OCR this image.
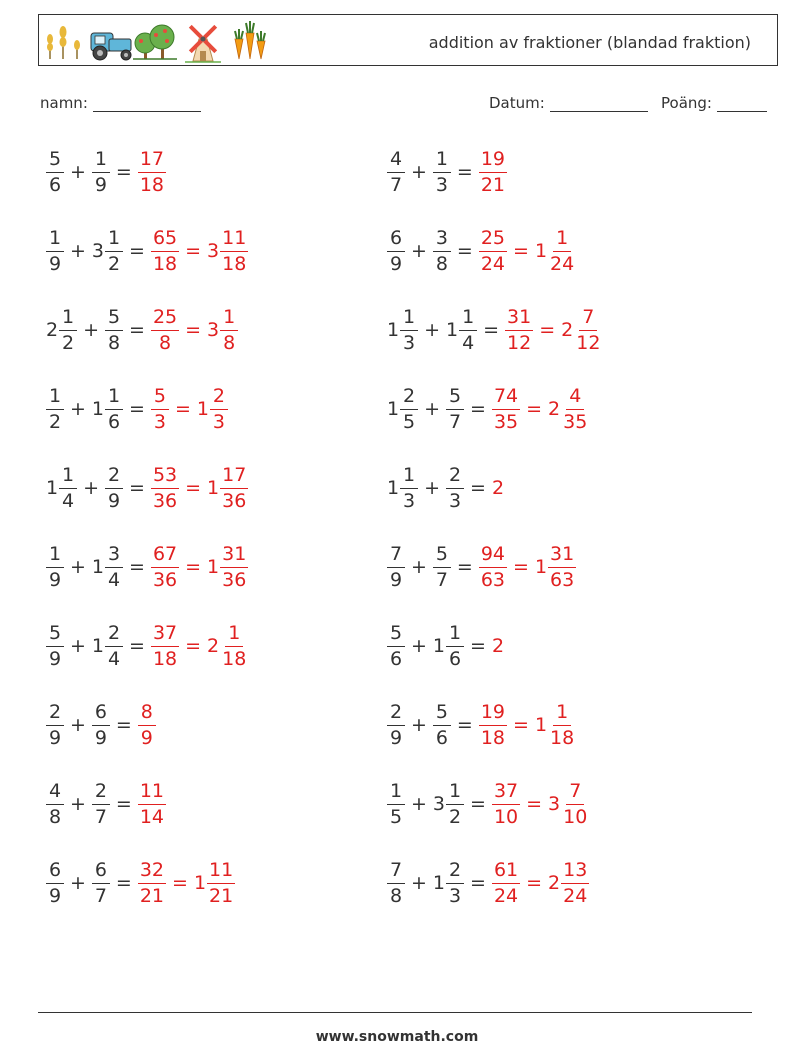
addition av fraktioner (blandad fraktion)
namn:	Datum:	Poäng:
$\frac{5}{6} + \frac{1}{9} = \frac{17}{18}$	$\frac{4}{7} + \frac{1}{3} = \frac{19}{21}$
$\frac{1}{9} + 3 \frac{1}{2} = \frac{65}{18} = 3 \frac{11}{18}$	$\frac{6}{9} + \frac{3}{8} = \frac{25}{24} = 1 \frac{1}{24}$
$2 \frac{1}{2} + \frac{5}{8} = \frac{25}{8} = 3 \frac{1}{8}$	$1 \frac{1}{3} + 1 \frac{1}{4} = \frac{31}{12} = 2 \frac{7}{12}$
$\frac{1}{2} + 1 \frac{1}{6} = \frac{5}{3} = 1 \frac{2}{3}$	$1 \frac{2}{5} + \frac{5}{7} = \frac{74}{35} = 2 \frac{4}{35}$
$1 \frac{1}{4} + \frac{2}{9} = \frac{53}{36} = 1 \frac{17}{36}$	$1 \frac{1}{3} + \frac{2}{3} = 2$
$\frac{1}{9} + 1 \frac{3}{4} = \frac{67}{36} = 1 \frac{31}{36}$	$\frac{7}{9} + \frac{5}{7} = \frac{94}{63} = 1 \frac{31}{63}$
$\frac{5}{9} + 1 \frac{2}{4} = \frac{37}{18} = 2 \frac{1}{18}$	$\frac{5}{6} + 1 \frac{1}{6} = 2$
$\frac{2}{9} + \frac{6}{9} = \frac{8}{9}$	$\frac{2}{9} + \frac{5}{6} = \frac{19}{18} = 1 \frac{1}{18}$
$\frac{4}{8} + \frac{2}{7} = \frac{11}{14}$	$\frac{1}{5} + 3 \frac{1}{2} = \frac{37}{10} = 3 \frac{7}{10}$
$\frac{6}{9} + \frac{6}{7} = \frac{32}{21} = 1 \frac{11}{21}$	$\frac{7}{8} + 1 \frac{2}{3} = \frac{61}{24} = 2 \frac{13}{24}$
www.snowmath.com
